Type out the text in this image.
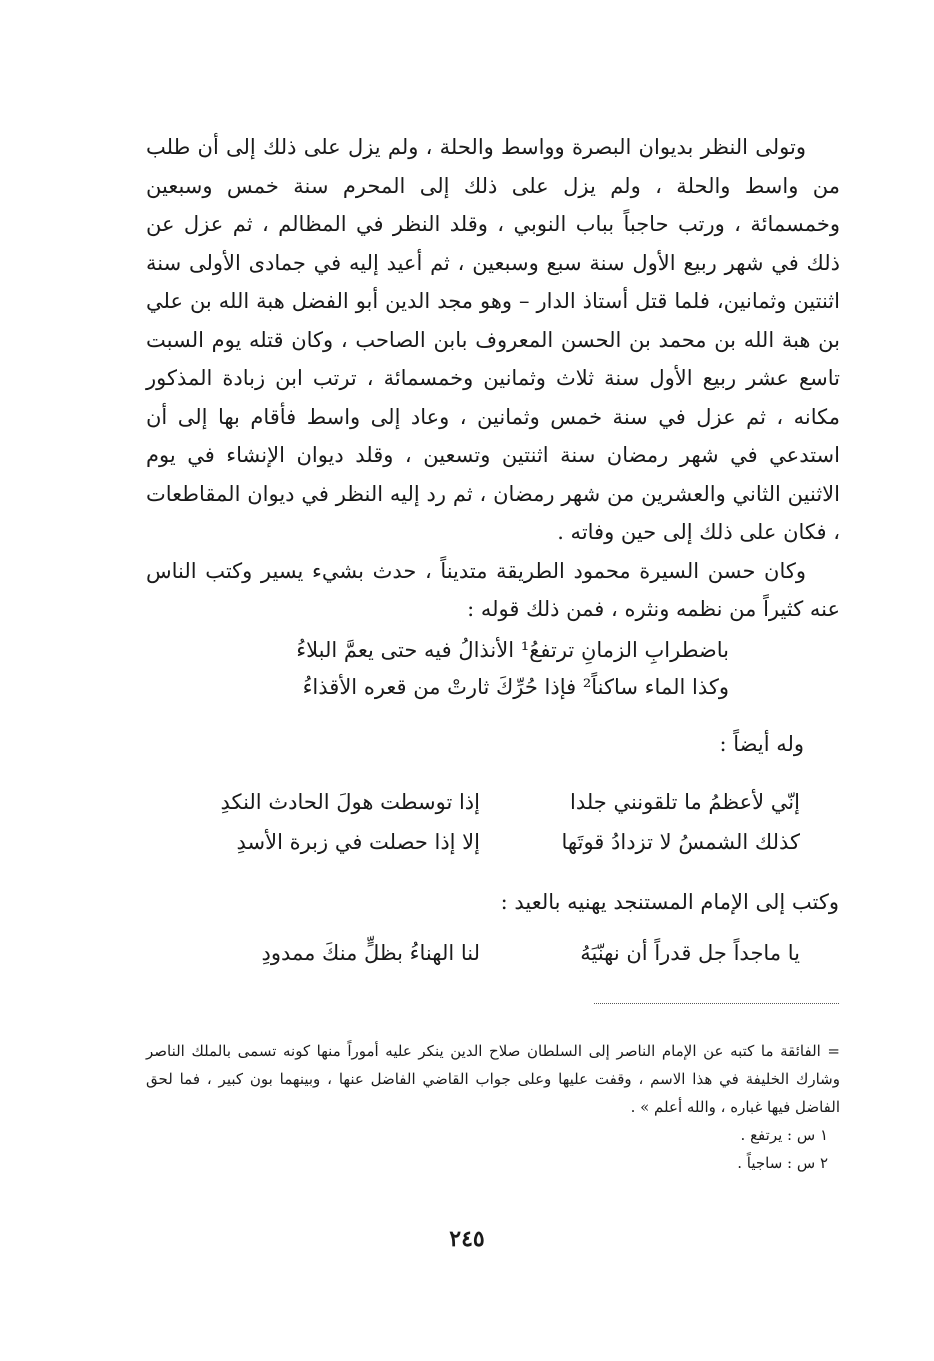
وتولى النظر بديوان البصرة وواسط والحلة ، ولم يزل على ذلك إلى أن طلب من واسط والحلة ، ولم يزل على ذلك إلى المحرم سنة خمس وسبعين وخمسمائة ، ورتب حاجباً بباب النوبي ، وقلد النظر في المظالم ، ثم عزل عن ذلك في شهر ربيع الأول سنة سبع وسبعين ، ثم أعيد إليه في جمادى الأولى سنة اثنتين وثمانين، فلما قتل أستاذ الدار – وهو مجد الدين أبو الفضل هبة الله بن علي بن هبة الله بن محمد بن الحسن المعروف بابن الصاحب ، وكان قتله يوم السبت تاسع عشر ربيع الأول سنة ثلاث وثمانين وخمسمائة ، ترتب ابن زبادة المذكور مكانه ، ثم عزل في سنة خمس وثمانين ، وعاد إلى واسط فأقام بها إلى أن استدعي في شهر رمضان سنة اثنتين وتسعين ، وقلد ديوان الإنشاء في يوم الاثنين الثاني والعشرين من شهر رمضان ، ثم رد إليه النظر في ديوان المقاطعات ، فكان على ذلك إلى حين وفاته .

وكان حسن السيرة محمود الطريقة متديناً ، حدث بشيء يسير وكتب الناس عنه كثيراً من نظمه ونثره ، فمن ذلك قوله :

باضطرابِ الزمانِ ترتفعُ¹ الأنذالُ فيه حتى يعمَّ البلاءُ
وكذا الماء ساكناً² فإذا حُرِّكَ ثارتْ من قعره الأقذاءُ
وله أيضاً :
إنّي لأعظمُ ما تلقونني جلدا
إذا توسطت هولَ الحادث النكدِ
كذلك الشمسُ لا تزدادُ قوتَها
إلا إذا حصلت في زبرة الأسدِ
وكتب إلى الإمام المستنجد يهنيه بالعيد :
يا ماجداً جل قدراً أن نهنّيَهُ
لنا الهناءُ بظلٍّ منكَ ممدودِ

= الفائقة ما كتبه عن الإمام الناصر إلى السلطان صلاح الدين ينكر عليه أموراً منها كونه تسمى بالملك الناصر وشارك الخليفة في هذا الاسم ، وقفت عليها وعلى جواب القاضي الفاضل عنها ، وبينهما بون كبير ، فما لحق الفاضل فيها غباره ، والله أعلم » .

١ س : يرتفع .

٢ س : ساجياً .

٢٤٥
